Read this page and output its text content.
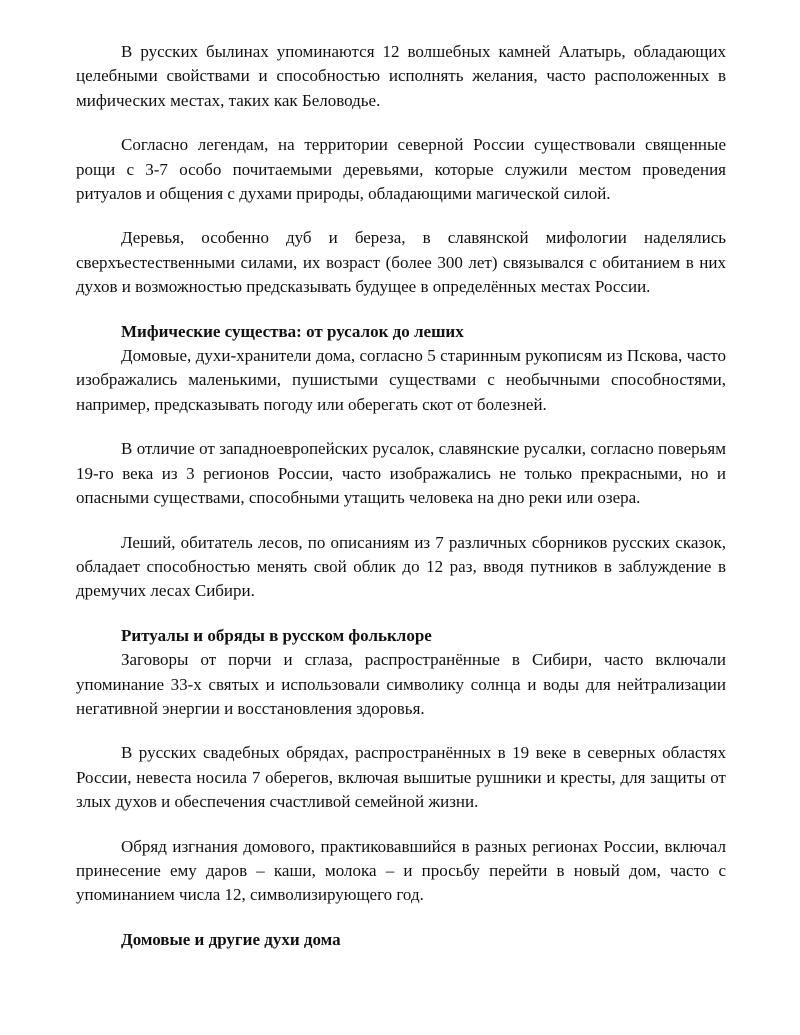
В русских былинах упоминаются 12 волшебных камней Алатырь, обладающих целебными свойствами и способностью исполнять желания, часто расположенных в мифических местах, таких как Беловодье.

Согласно легендам, на территории северной России существовали священные рощи с 3-7 особо почитаемыми деревьями, которые служили местом проведения ритуалов и общения с духами природы, обладающими магической силой.

Деревья, особенно дуб и береза, в славянской мифологии наделялись сверхъестественными силами, их возраст (более 300 лет) связывался с обитанием в них духов и возможностью предсказывать будущее в определённых местах России.

Мифические существа: от русалок до леших

Домовые, духи-хранители дома, согласно 5 старинным рукописям из Пскова, часто изображались маленькими, пушистыми существами с необычными способностями, например, предсказывать погоду или оберегать скот от болезней.

В отличие от западноевропейских русалок, славянские русалки, согласно поверьям 19-го века из 3 регионов России, часто изображались не только прекрасными, но и опасными существами, способными утащить человека на дно реки или озера.

Леший, обитатель лесов, по описаниям из 7 различных сборников русских сказок, обладает способностью менять свой облик до 12 раз, вводя путников в заблуждение в дремучих лесах Сибири.

Ритуалы и обряды в русском фольклоре

Заговоры от порчи и сглаза, распространённые в Сибири, часто включали упоминание 33-х святых и использовали символику солнца и воды для нейтрализации негативной энергии и восстановления здоровья.

В русских свадебных обрядах, распространённых в 19 веке в северных областях России, невеста носила 7 оберегов, включая вышитые рушники и кресты, для защиты от злых духов и обеспечения счастливой семейной жизни.

Обряд изгнания домового, практиковавшийся в разных регионах России, включал принесение ему даров – каши, молока – и просьбу перейти в новый дом, часто с упоминанием числа 12, символизирующего год.

Домовые и другие духи дома
